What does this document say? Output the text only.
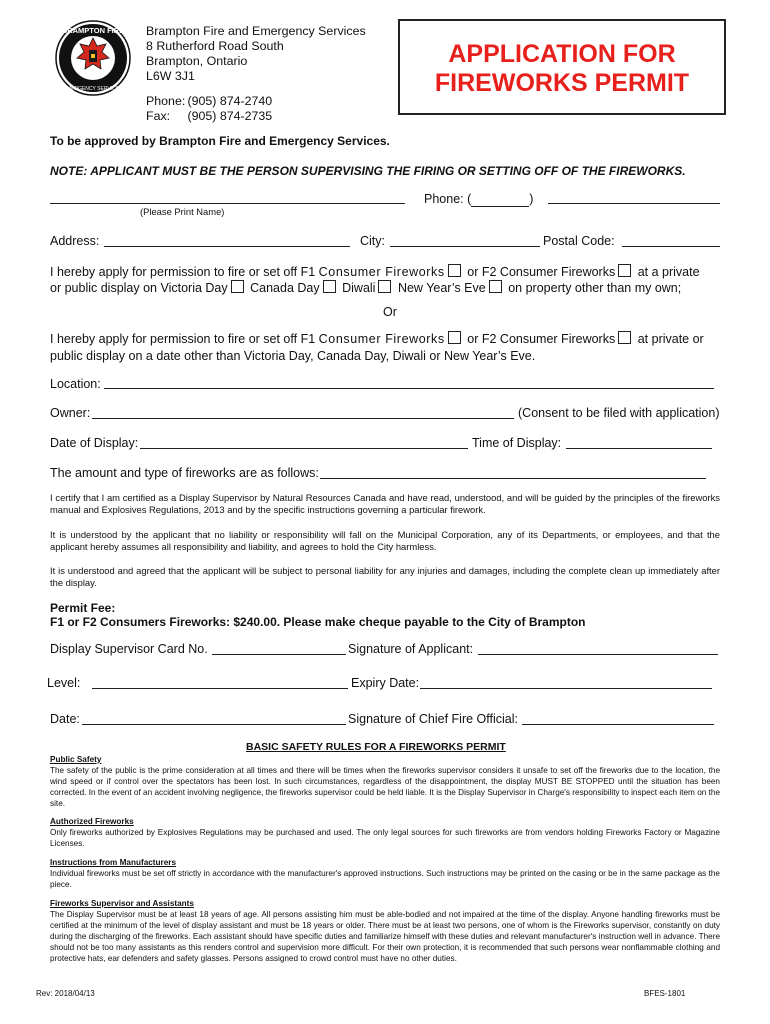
BRAMPTON FIRE
EMERGENCY SERVICES
Brampton Fire and Emergency Services
8 Rutherford Road South
Brampton, Ontario
L6W 3J1
Phone: (905) 874-2740
Fax: (905) 874-2735
APPLICATION FOR
FIREWORKS PERMIT
To be approved by Brampton Fire and Emergency Services.
NOTE: APPLICANT MUST BE THE PERSON SUPERVISING THE FIRING OR SETTING OFF OF THE FIREWORKS.
(Please Print Name)
Phone: (	)
Address:	City:	Postal Code:
I hereby apply for permission to fire or set off F1 Consumer Fireworks or F2 Consumer Fireworks at a private
or public display on Victoria Day Canada Day Diwali New Year’s Eve on property other than my own;
Or
I hereby apply for permission to fire or set off F1 Consumer Fireworks or F2 Consumer Fireworks at private or
public display on a date other than Victoria Day, Canada Day, Diwali or New Year’s Eve.
Location:
Owner:	(Consent to be filed with application)
Date of Display:	Time of Display:
The amount and type of fireworks are as follows:
I certify that I am certified as a Display Supervisor by Natural Resources Canada and have read, understood, and will be guided by the principles of the fireworks manual and Explosives Regulations, 2013 and by the specific instructions governing a particular firework.
It is understood by the applicant that no liability or responsibility will fall on the Municipal Corporation, any of its Departments, or employees, and that the applicant hereby assumes all responsibility and liability, and agrees to hold the City harmless.
It is understood and agreed that the applicant will be subject to personal liability for any injuries and damages, including the complete clean up immediately after the display.
Permit Fee:
F1 or F2 Consumers Fireworks: $240.00. Please make cheque payable to the City of Brampton
Display Supervisor Card No.	Signature of Applicant:
Level:	Expiry Date:
Date:	Signature of Chief Fire Official:
BASIC SAFETY RULES FOR A FIREWORKS PERMIT
Public Safety
The safety of the public is the prime consideration at all times and there will be times when the fireworks supervisor considers it unsafe to set off the fireworks due to the location, the wind speed or if control over the spectators has been lost. In such circumstances, regardless of the disappointment, the display MUST BE STOPPED until the situation has been corrected. In the event of an accident involving negligence, the fireworks supervisor could be held liable. It is the Display Supervisor in Charge's responsibility to inspect each item on the site.
Authorized Fireworks
Only fireworks authorized by Explosives Regulations may be purchased and used. The only legal sources for such fireworks are from vendors holding Fireworks Factory or Magazine Licenses.
Instructions from Manufacturers
Individual fireworks must be set off strictly in accordance with the manufacturer's approved instructions. Such instructions may be printed on the casing or be in the same package as the piece.
Fireworks Supervisor and Assistants
The Display Supervisor must be at least 18 years of age. All persons assisting him must be able-bodied and not impaired at the time of the display. Anyone handling fireworks must be certified at the minimum of the level of display assistant and must be 18 years or older. There must be at least two persons, one of whom is the Fireworks supervisor, constantly on duty during the discharging of the fireworks. Each assistant should have specific duties and familiarize himself with these duties and relevant manufacturer's instruction well in advance. There should not be too many assistants as this renders control and supervision more difficult. For their own protection, it is recommended that such persons wear nonflammable clothing and protective hats, ear defenders and safety glasses. Persons assigned to crowd control must have no other duties.
Rev: 2018/04/13	BFES-1801
